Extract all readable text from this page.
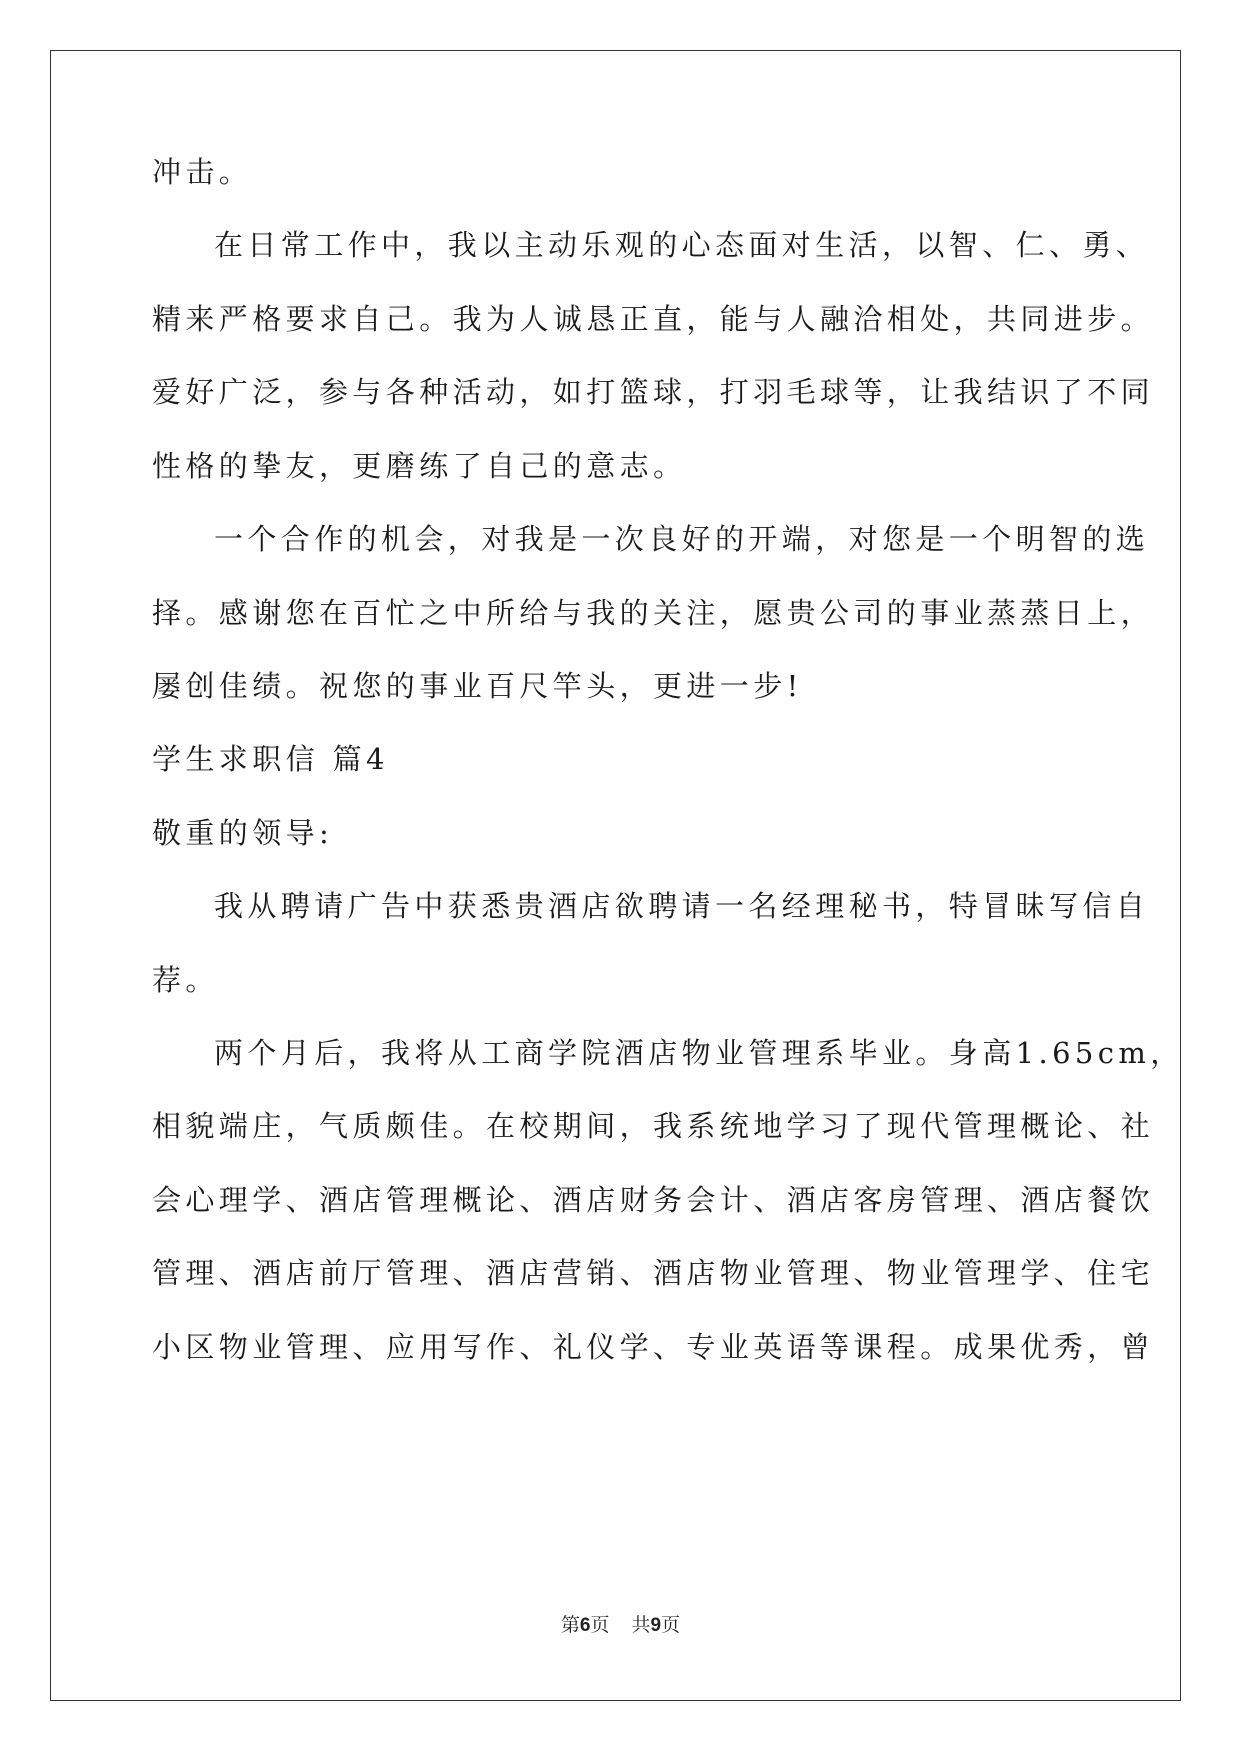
冲击。
在日常工作中，我以主动乐观的心态面对生活，以智、仁、勇、
精来严格要求自己。我为人诚恳正直，能与人融洽相处，共同进步。
爱好广泛，参与各种活动，如打篮球，打羽毛球等，让我结识了不同
性格的挚友，更磨练了自己的意志。
一个合作的机会，对我是一次良好的开端，对您是一个明智的选
择。感谢您在百忙之中所给与我的关注，愿贵公司的事业蒸蒸日上，
屡创佳绩。祝您的事业百尺竿头，更进一步!
学生求职信 篇4
敬重的领导:
我从聘请广告中获悉贵酒店欲聘请一名经理秘书，特冒昧写信自
荐。
两个月后，我将从工商学院酒店物业管理系毕业。身高1.65cm，
相貌端庄，气质颇佳。在校期间，我系统地学习了现代管理概论、社
会心理学、酒店管理概论、酒店财务会计、酒店客房管理、酒店餐饮
管理、酒店前厅管理、酒店营销、酒店物业管理、物业管理学、住宅
小区物业管理、应用写作、礼仪学、专业英语等课程。成果优秀，曾
第6页 共9页
